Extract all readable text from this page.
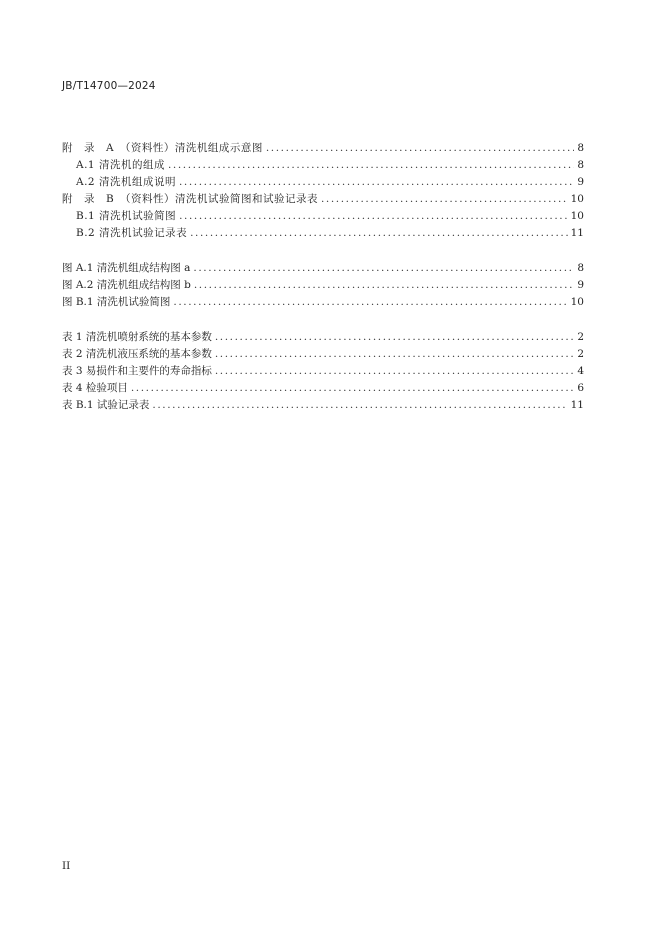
JB/T14700—2024
附　录　A　（资料性）清洗机组成示意图 .....	8
A.1 清洗机的组成 .....	8
A.2 清洗机组成说明 .....	9
附　录　B　（资料性）清洗机试验简图和试验记录表 .....	10
B.1 清洗机试验简图 .....	10
B.2 清洗机试验记录表 .....	11
图 A.1 清洗机组成结构图 a .....	8
图 A.2 清洗机组成结构图 b .....	9
图 B.1 清洗机试验简图 .....	10
表 1 清洗机喷射系统的基本参数 .....	2
表 2 清洗机液压系统的基本参数 .....	2
表 3 易损件和主要件的寿命指标 .....	4
表 4 检验项目 .....	6
表 B.1 试验记录表 .....	11
II
